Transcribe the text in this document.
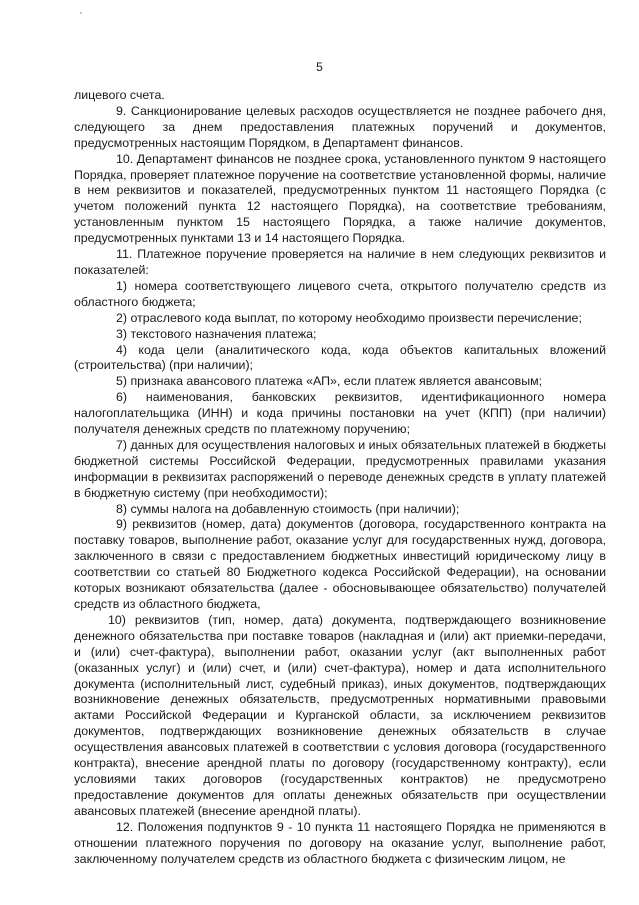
5

лицевого счета.

9. Санкционирование целевых расходов осуществляется не позднее рабочего дня, следующего за днем предоставления платежных поручений и документов, предусмотренных настоящим Порядком, в Департамент финансов.

10. Департамент финансов не позднее срока, установленного пунктом 9 настоящего Порядка, проверяет платежное поручение на соответствие установленной формы, наличие в нем реквизитов и показателей, предусмотренных пунктом 11 настоящего Порядка (с учетом положений пункта 12 настоящего Порядка), на соответствие требованиям, установленным пунктом 15 настоящего Порядка, а также наличие документов, предусмотренных пунктами 13 и 14 настоящего Порядка.

11. Платежное поручение проверяется на наличие в нем следующих реквизитов и показателей:

1) номера соответствующего лицевого счета, открытого получателю средств из областного бюджета;

2) отраслевого кода выплат, по которому необходимо произвести перечисление;

3) текстового назначения платежа;

4) кода цели (аналитического кода, кода объектов капитальных вложений (строительства) (при наличии);

5) признака авансового платежа «АП», если платеж является авансовым;

6) наименования, банковских реквизитов, идентификационного номера налогоплательщика (ИНН) и кода причины постановки на учет (КПП) (при наличии) получателя денежных средств по платежному поручению;

7) данных для осуществления налоговых и иных обязательных платежей в бюджеты бюджетной системы Российской Федерации, предусмотренных правилами указания информации в реквизитах распоряжений о переводе денежных средств в уплату платежей в бюджетную систему (при необходимости);

8) суммы налога на добавленную стоимость (при наличии);

9) реквизитов (номер, дата) документов (договора, государственного контракта на поставку товаров, выполнение работ, оказание услуг для государственных нужд, договора, заключенного в связи с предоставлением бюджетных инвестиций юридическому лицу в соответствии со статьей 80 Бюджетного кодекса Российской Федерации), на основании которых возникают обязательства (далее - обосновывающее обязательство) получателей средств из областного бюджета,

10) реквизитов (тип, номер, дата) документа, подтверждающего возникновение денежного обязательства при поставке товаров (накладная и (или) акт приемки-передачи, и (или) счет-фактура), выполнении работ, оказании услуг (акт выполненных работ (оказанных услуг) и (или) счет, и (или) счет-фактура), номер и дата исполнительного документа (исполнительный лист, судебный приказ), иных документов, подтверждающих возникновение денежных обязательств, предусмотренных нормативными правовыми актами Российской Федерации и Курганской области, за исключением реквизитов документов, подтверждающих возникновение денежных обязательств в случае осуществления авансовых платежей в соответствии с условия договора (государственного контракта), внесение арендной платы по договору (государственному контракту), если условиями таких договоров (государственных контрактов) не предусмотрено предоставление документов для оплаты денежных обязательств при осуществлении авансовых платежей (внесение арендной платы).

12. Положения подпунктов 9 - 10 пункта 11 настоящего Порядка не применяются в отношении платежного поручения по договору на оказание услуг, выполнение работ, заключенному получателем средств из областного бюджета с физическим лицом, не
